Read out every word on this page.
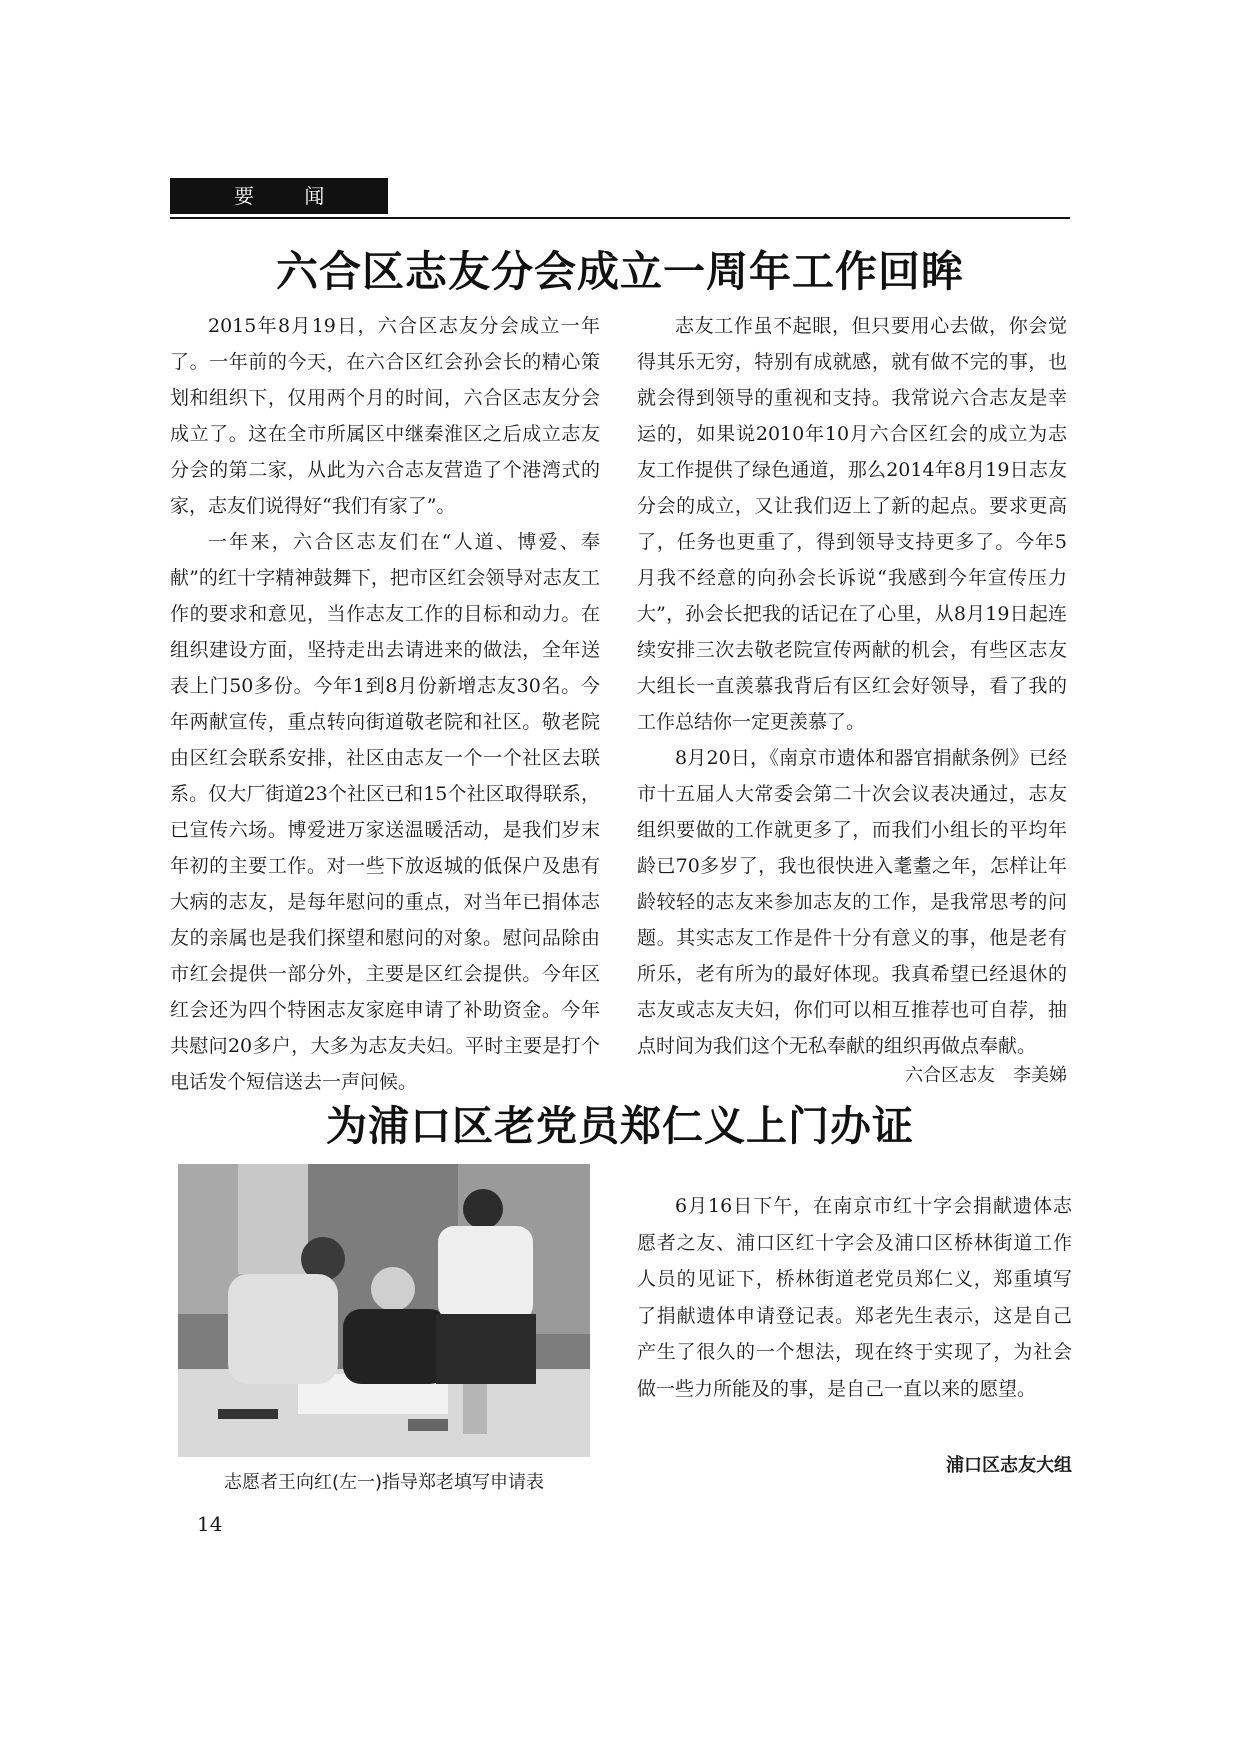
要 闻
六合区志友分会成立一周年工作回眸

2015年8月19日，六合区志友分会成立一年了。一年前的今天，在六合区红会孙会长的精心策划和组织下，仅用两个月的时间，六合区志友分会成立了。这在全市所属区中继秦淮区之后成立志友分会的第二家，从此为六合志友营造了个港湾式的家，志友们说得好“我们有家了”。

一年来，六合区志友们在“人道、博爱、奉献”的红十字精神鼓舞下，把市区红会领导对志友工作的要求和意见，当作志友工作的目标和动力。在组织建设方面，坚持走出去请进来的做法，全年送表上门50多份。今年1到8月份新增志友30名。今年两献宣传，重点转向街道敬老院和社区。敬老院由区红会联系安排，社区由志友一个一个社区去联系。仅大厂街道23个社区已和15个社区取得联系，已宣传六场。博爱进万家送温暖活动，是我们岁末年初的主要工作。对一些下放返城的低保户及患有大病的志友，是每年慰问的重点，对当年已捐体志友的亲属也是我们探望和慰问的对象。慰问品除由市红会提供一部分外，主要是区红会提供。今年区红会还为四个特困志友家庭申请了补助资金。今年共慰问20多户，大多为志友夫妇。平时主要是打个电话发个短信送去一声问候。

志友工作虽不起眼，但只要用心去做，你会觉得其乐无穷，特别有成就感，就有做不完的事，也就会得到领导的重视和支持。我常说六合志友是幸运的，如果说2010年10月六合区红会的成立为志友工作提供了绿色通道，那么2014年8月19日志友分会的成立，又让我们迈上了新的起点。要求更高了，任务也更重了，得到领导支持更多了。今年5月我不经意的向孙会长诉说“我感到今年宣传压力大”，孙会长把我的话记在了心里，从8月19日起连续安排三次去敬老院宣传两献的机会，有些区志友大组长一直羡慕我背后有区红会好领导，看了我的工作总结你一定更羡慕了。

8月20日，《南京市遗体和器官捐献条例》已经市十五届人大常委会第二十次会议表决通过，志友组织要做的工作就更多了，而我们小组长的平均年龄已70多岁了，我也很快进入耄耋之年，怎样让年龄较轻的志友来参加志友的工作，是我常思考的问题。其实志友工作是件十分有意义的事，他是老有所乐，老有所为的最好体现。我真希望已经退休的志友或志友夫妇，你们可以相互推荐也可自荐，抽点时间为我们这个无私奉献的组织再做点奉献。

六合区志友　李美娣
为浦口区老党员郑仁义上门办证
志愿者王向红(左一)指导郑老填写申请表

6月16日下午，在南京市红十字会捐献遗体志愿者之友、浦口区红十字会及浦口区桥林街道工作人员的见证下，桥林街道老党员郑仁义，郑重填写了捐献遗体申请登记表。郑老先生表示，这是自己产生了很久的一个想法，现在终于实现了，为社会做一些力所能及的事，是自己一直以来的愿望。

浦口区志友大组
14
